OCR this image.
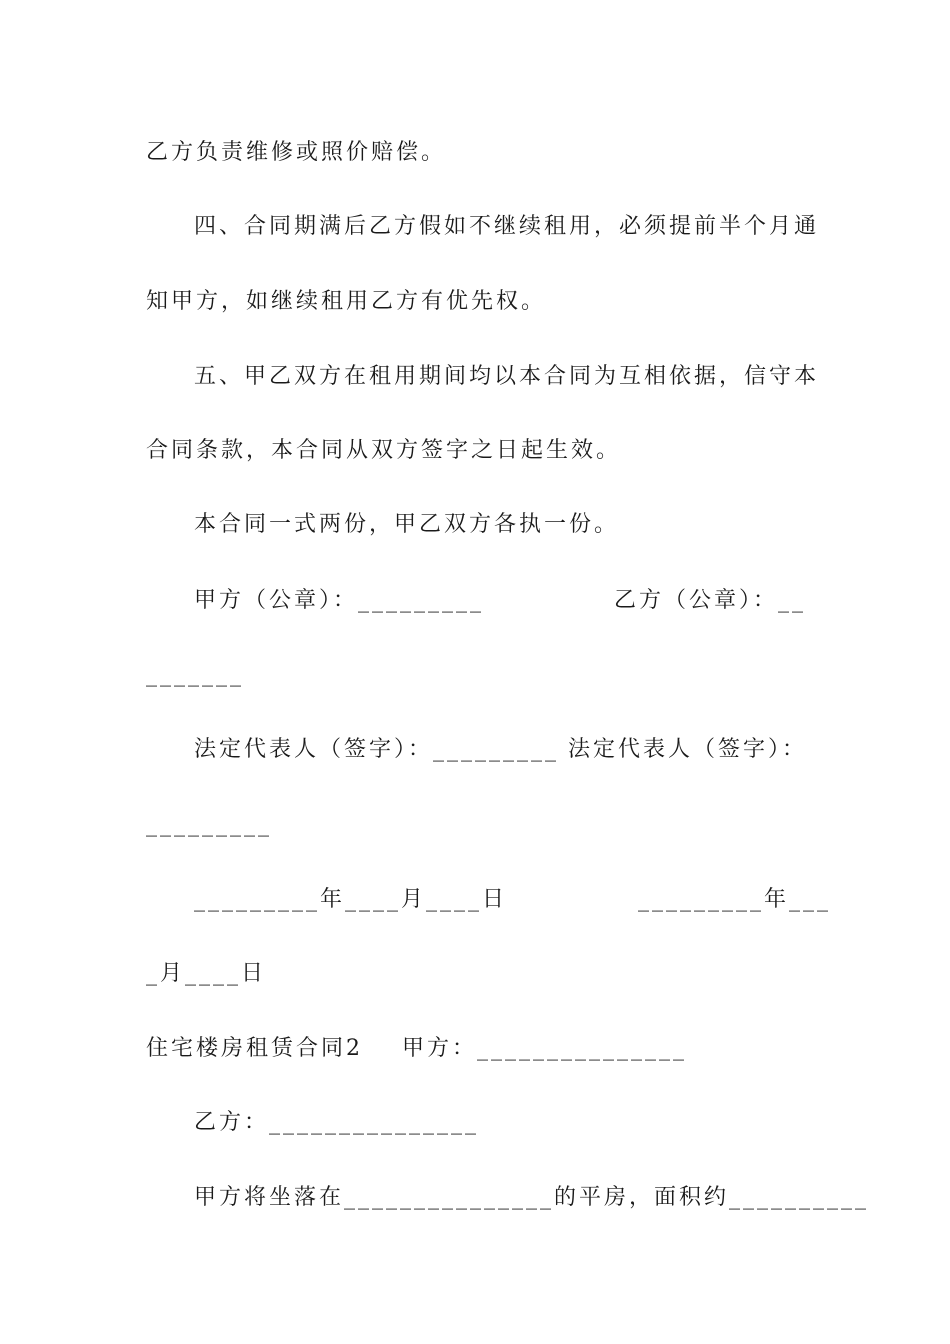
乙方负责维修或照价赔偿。
四、合同期满后乙方假如不继续租用，必须提前半个月通
知甲方，如继续租用乙方有优先权。
五、甲乙双方在租用期间均以本合同为互相依据，信守本
合同条款，本合同从双方签字之日起生效。
本合同一式两份，甲乙双方各执一份。
甲方（公章）：_________	乙方（公章）：__
_______
法定代表人（签字）：_________ 法定代表人（签字）：
_________
_________年____月____日	_________年___
_月____日
住宅楼房租赁合同2 甲方：_______________
乙方：_______________
甲方将坐落在_______________的平房，面积约__________
